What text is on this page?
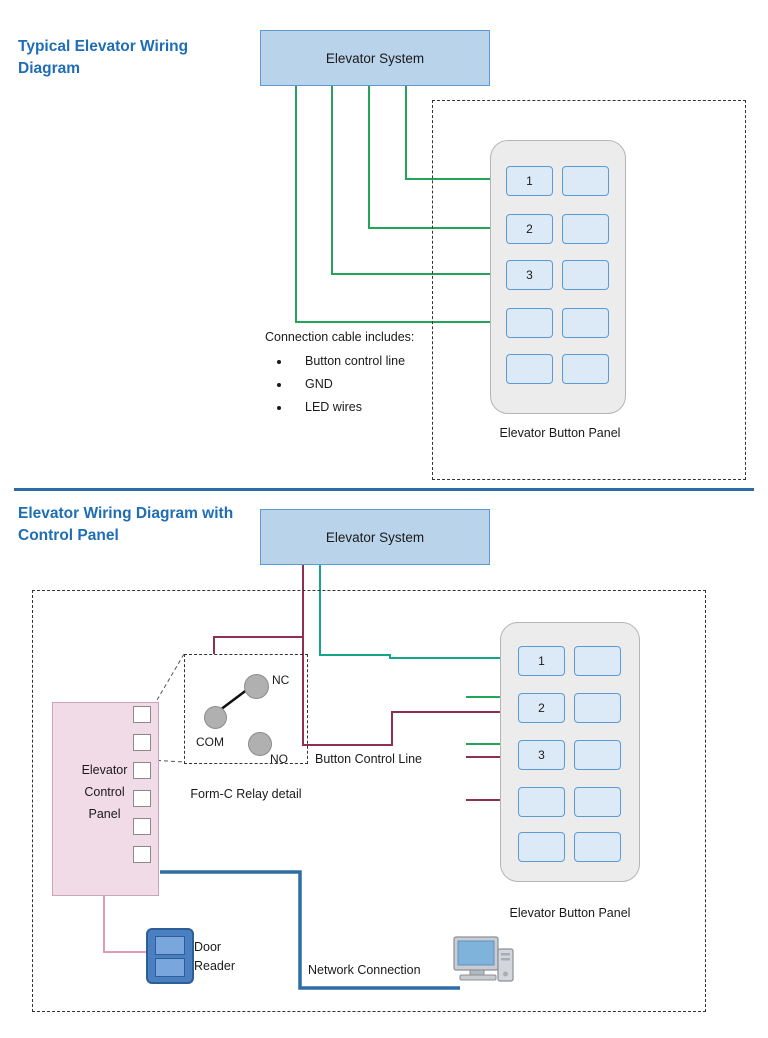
Typical Elevator Wiring Diagram
Elevator Wiring Diagram with Control Panel
Elevator System
1
2
3
Elevator Button Panel
Connection cable includes:
• Button control line
• GND
• LED wires
Elevator System
1
2
3
Elevator Button Panel
Elevator
Control
Panel
NC
NO
COM
Form-C Relay detail
Button Control Line
Network Connection
Door
Reader
